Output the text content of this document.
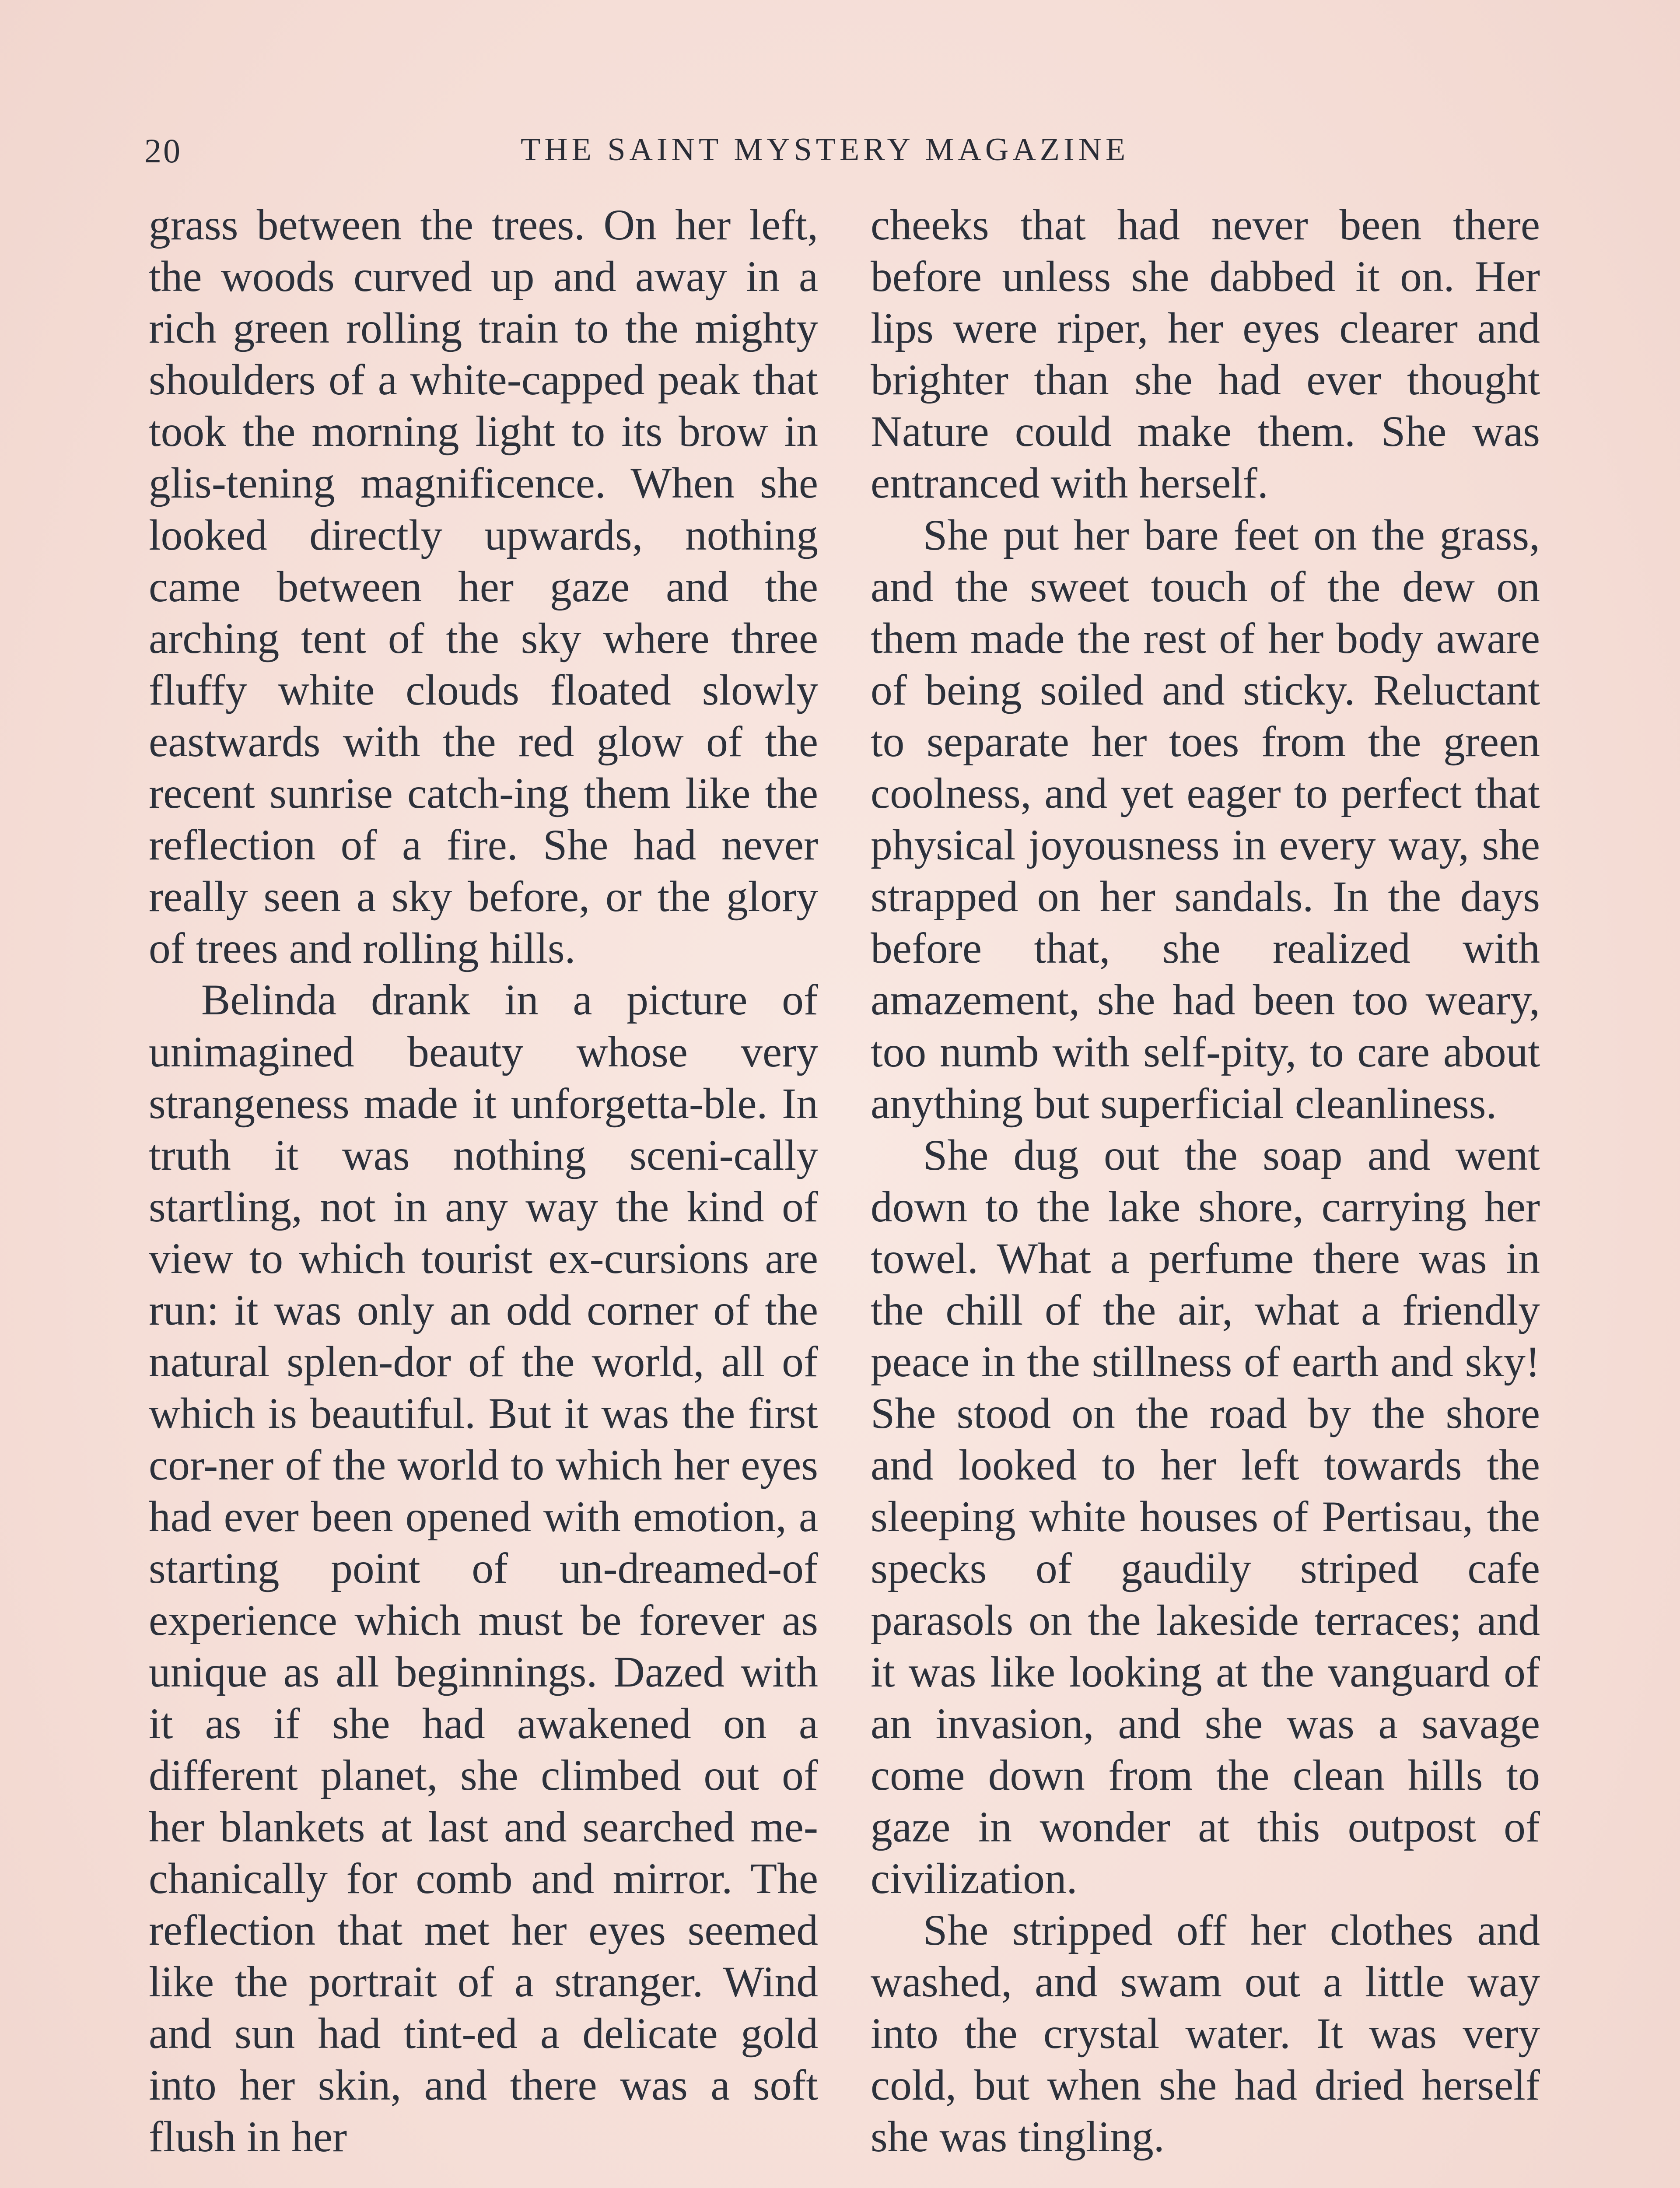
20	THE SAINT MYSTERY MAGAZINE

grass between the trees. On her left, the woods curved up and away in a rich green rolling train to the mighty shoulders of a white-capped peak that took the morning light to its brow in glis-tening magnificence. When she looked directly upwards, nothing came between her gaze and the arching tent of the sky where three fluffy white clouds floated slowly eastwards with the red glow of the recent sunrise catch-ing them like the reflection of a fire. She had never really seen a sky before, or the glory of trees and rolling hills.

Belinda drank in a picture of unimagined beauty whose very strangeness made it unforgetta-ble. In truth it was nothing sceni-cally startling, not in any way the kind of view to which tourist ex-cursions are run: it was only an odd corner of the natural splen-dor of the world, all of which is beautiful. But it was the first cor-ner of the world to which her eyes had ever been opened with emotion, a starting point of un-dreamed-of experience which must be forever as unique as all beginnings. Dazed with it as if she had awakened on a different planet, she climbed out of her blankets at last and searched me-chanically for comb and mirror. The reflection that met her eyes seemed like the portrait of a stranger. Wind and sun had tint-ed a delicate gold into her skin, and there was a soft flush in her

cheeks that had never been there before unless she dabbed it on. Her lips were riper, her eyes clearer and brighter than she had ever thought Nature could make them. She was entranced with herself.

She put her bare feet on the grass, and the sweet touch of the dew on them made the rest of her body aware of being soiled and sticky. Reluctant to separate her toes from the green coolness, and yet eager to perfect that physical joyousness in every way, she strapped on her sandals. In the days before that, she realized with amazement, she had been too weary, too numb with self-pity, to care about anything but superficial cleanliness.

She dug out the soap and went down to the lake shore, carrying her towel. What a perfume there was in the chill of the air, what a friendly peace in the stillness of earth and sky! She stood on the road by the shore and looked to her left towards the sleeping white houses of Pertisau, the specks of gaudily striped cafe parasols on the lakeside terraces; and it was like looking at the vanguard of an invasion, and she was a savage come down from the clean hills to gaze in wonder at this outpost of civilization.

She stripped off her clothes and washed, and swam out a little way into the crystal water. It was very cold, but when she had dried herself she was tingling.
